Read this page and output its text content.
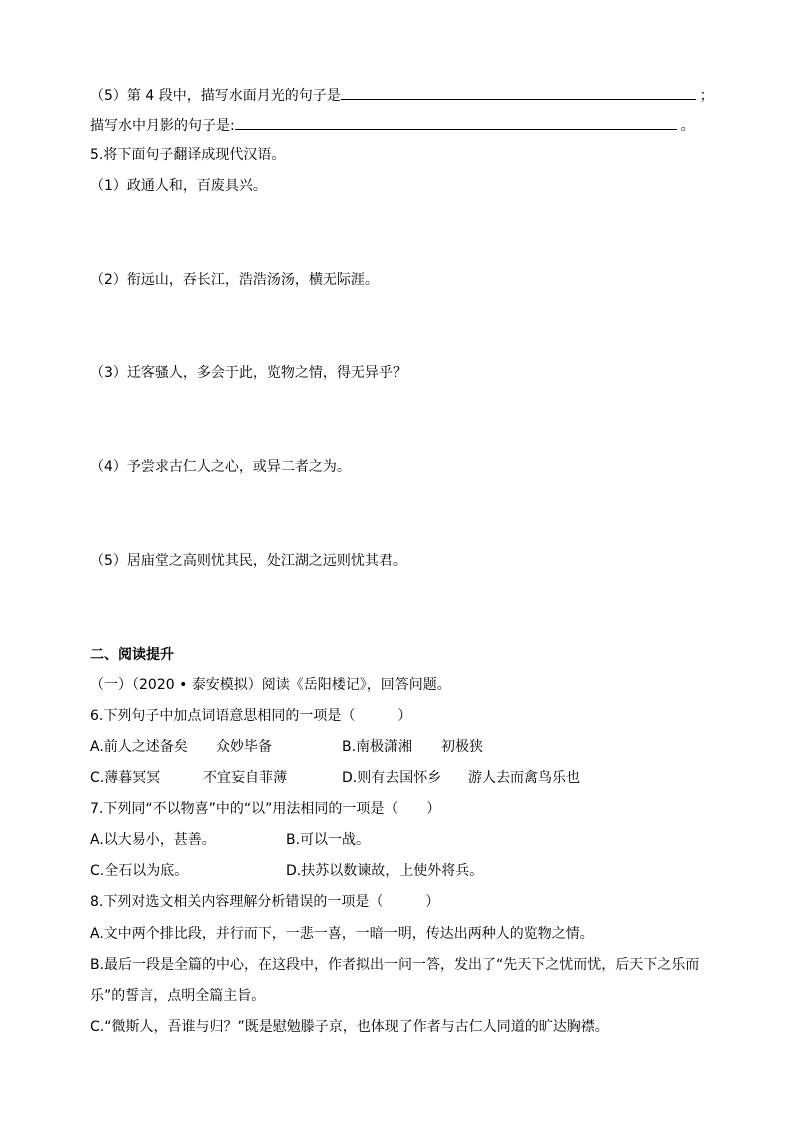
（5）第 4 段中，描写水面月光的句子是	；
描写水中月影的句子是:	。
5.将下面句子翻译成现代汉语。
（1）政通人和，百废具兴。
（2）衔远山，吞长江，浩浩汤汤，横无际涯。
（3）迁客骚人，多会于此，览物之情，得无异乎？
（4）予尝求古仁人之心，或异二者之为。
（5）居庙堂之高则忧其民，处江湖之远则忧其君。
二、阅读提升
（一）（2020 • 泰安模拟）阅读《岳阳楼记》，回答问题。
6.下列句子中加点词语意思相同的一项是（　　　）
A.前人之述备矣 众妙毕备	B.南极潇湘 初极狭
C.薄暮冥冥	不宜妄自菲薄	D.则有去国怀乡 游人去而禽鸟乐也
7.下列同“不以物喜”中的“以”用法相同的一项是（　　）
A.以大易小，甚善。	B.可以一战。
C.全石以为底。	D.扶苏以数谏故，上使外将兵。
8.下列对选文相关内容理解分析错误的一项是（　　　）
A.文中两个排比段，并行而下，一悲一喜，一暗一明，传达出两种人的览物之情。
B.最后一段是全篇的中心，在这段中，作者拟出一问一答，发出了“先天下之忧而忧，后天下之乐而
乐”的誓言，点明全篇主旨。
C.“微斯人，吾谁与归？”既是慰勉滕子京，也体现了作者与古仁人同道的旷达胸襟。
